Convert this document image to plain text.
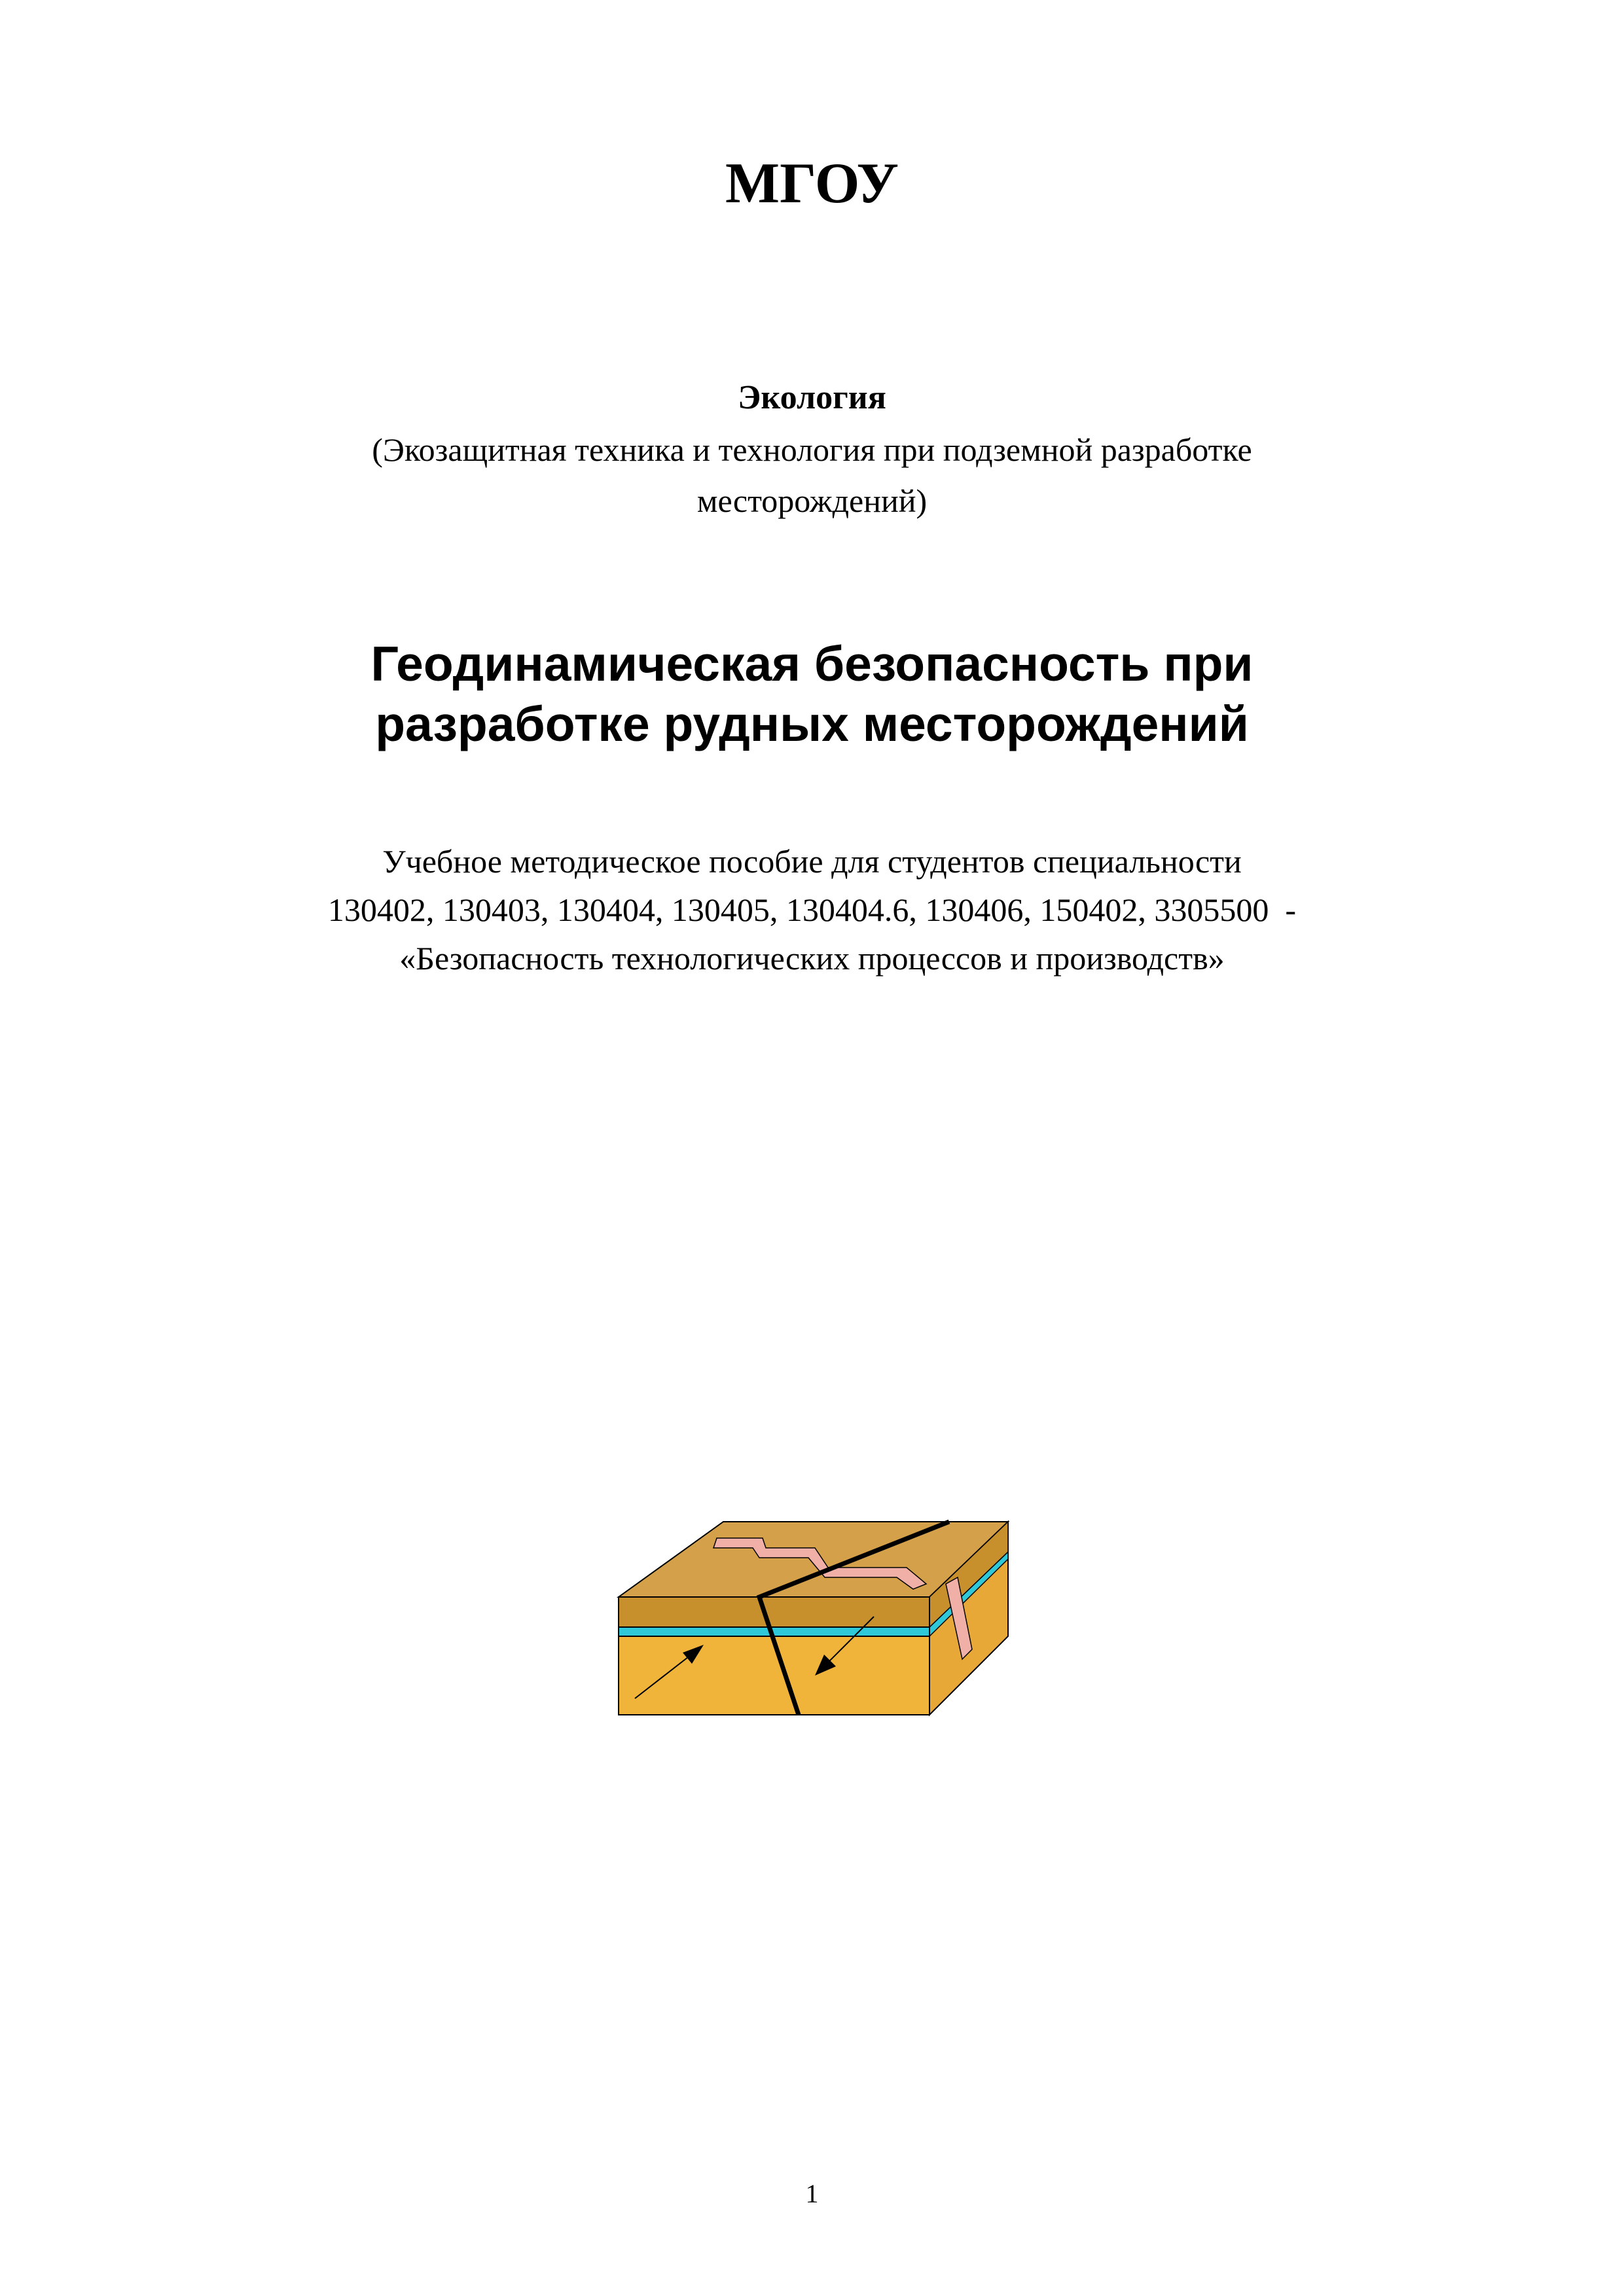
МГОУ
Экология
(Экозащитная техника и технология при подземной разработке
месторождений)
Геодинамическая безопасность при
разработке рудных месторождений
Учебное методическое пособие для студентов специальности
130402, 130403, 130404, 130405, 130404.6, 130406, 150402, 3305500  -
«Безопасность технологических процессов и производств»
1
